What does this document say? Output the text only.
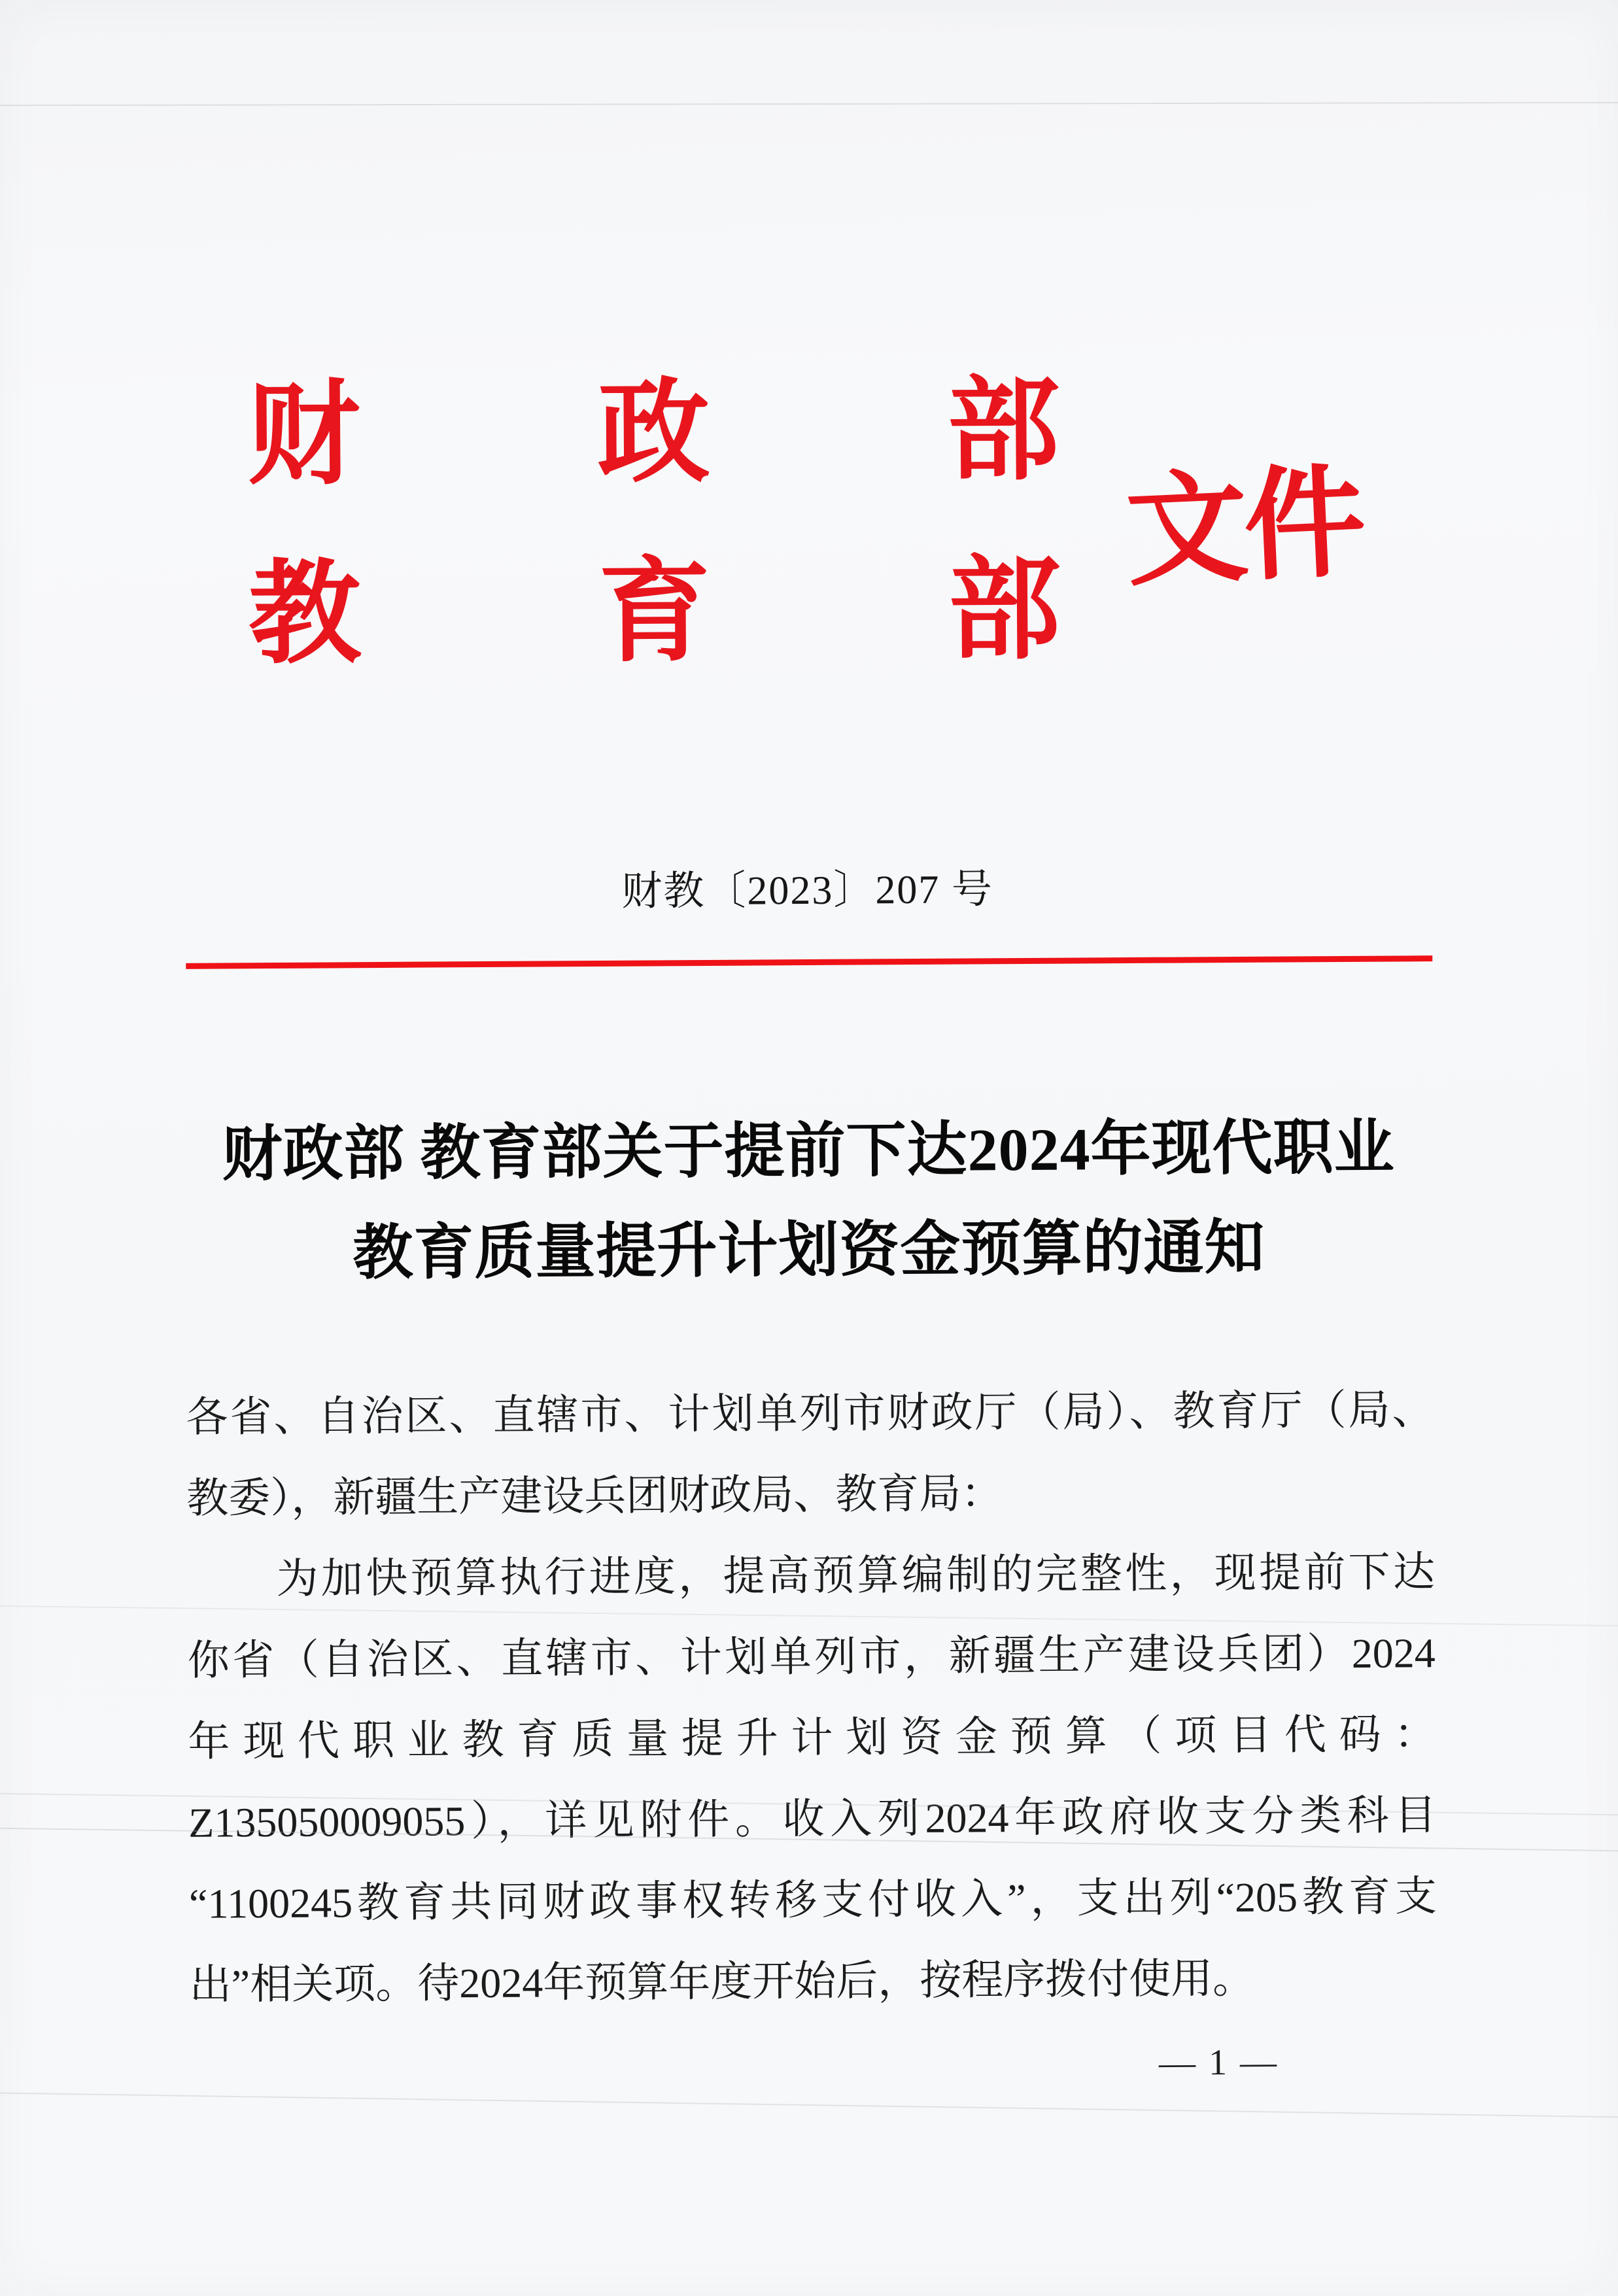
财 政 部
教 育 部
文件
财教〔2023〕207 号
财政部 教育部关于提前下达2024年现代职业
教育质量提升计划资金预算的通知
各省、自治区、直辖市、计划单列市财政厅（局）、教育厅（局、
教委），新疆生产建设兵团财政局、教育局：
　　为加快预算执行进度，提高预算编制的完整性，现提前下达
你省（自治区、直辖市、计划单列市，新疆生产建设兵团）2024
年现代职业教育质量提升计划资金预算（项目代码：
Z135050009055），详见附件。收入列2024年政府收支分类科目
“1100245教育共同财政事权转移支付收入”，支出列“205教育支
出”相关项。待2024年预算年度开始后，按程序拨付使用。
— 1 —
